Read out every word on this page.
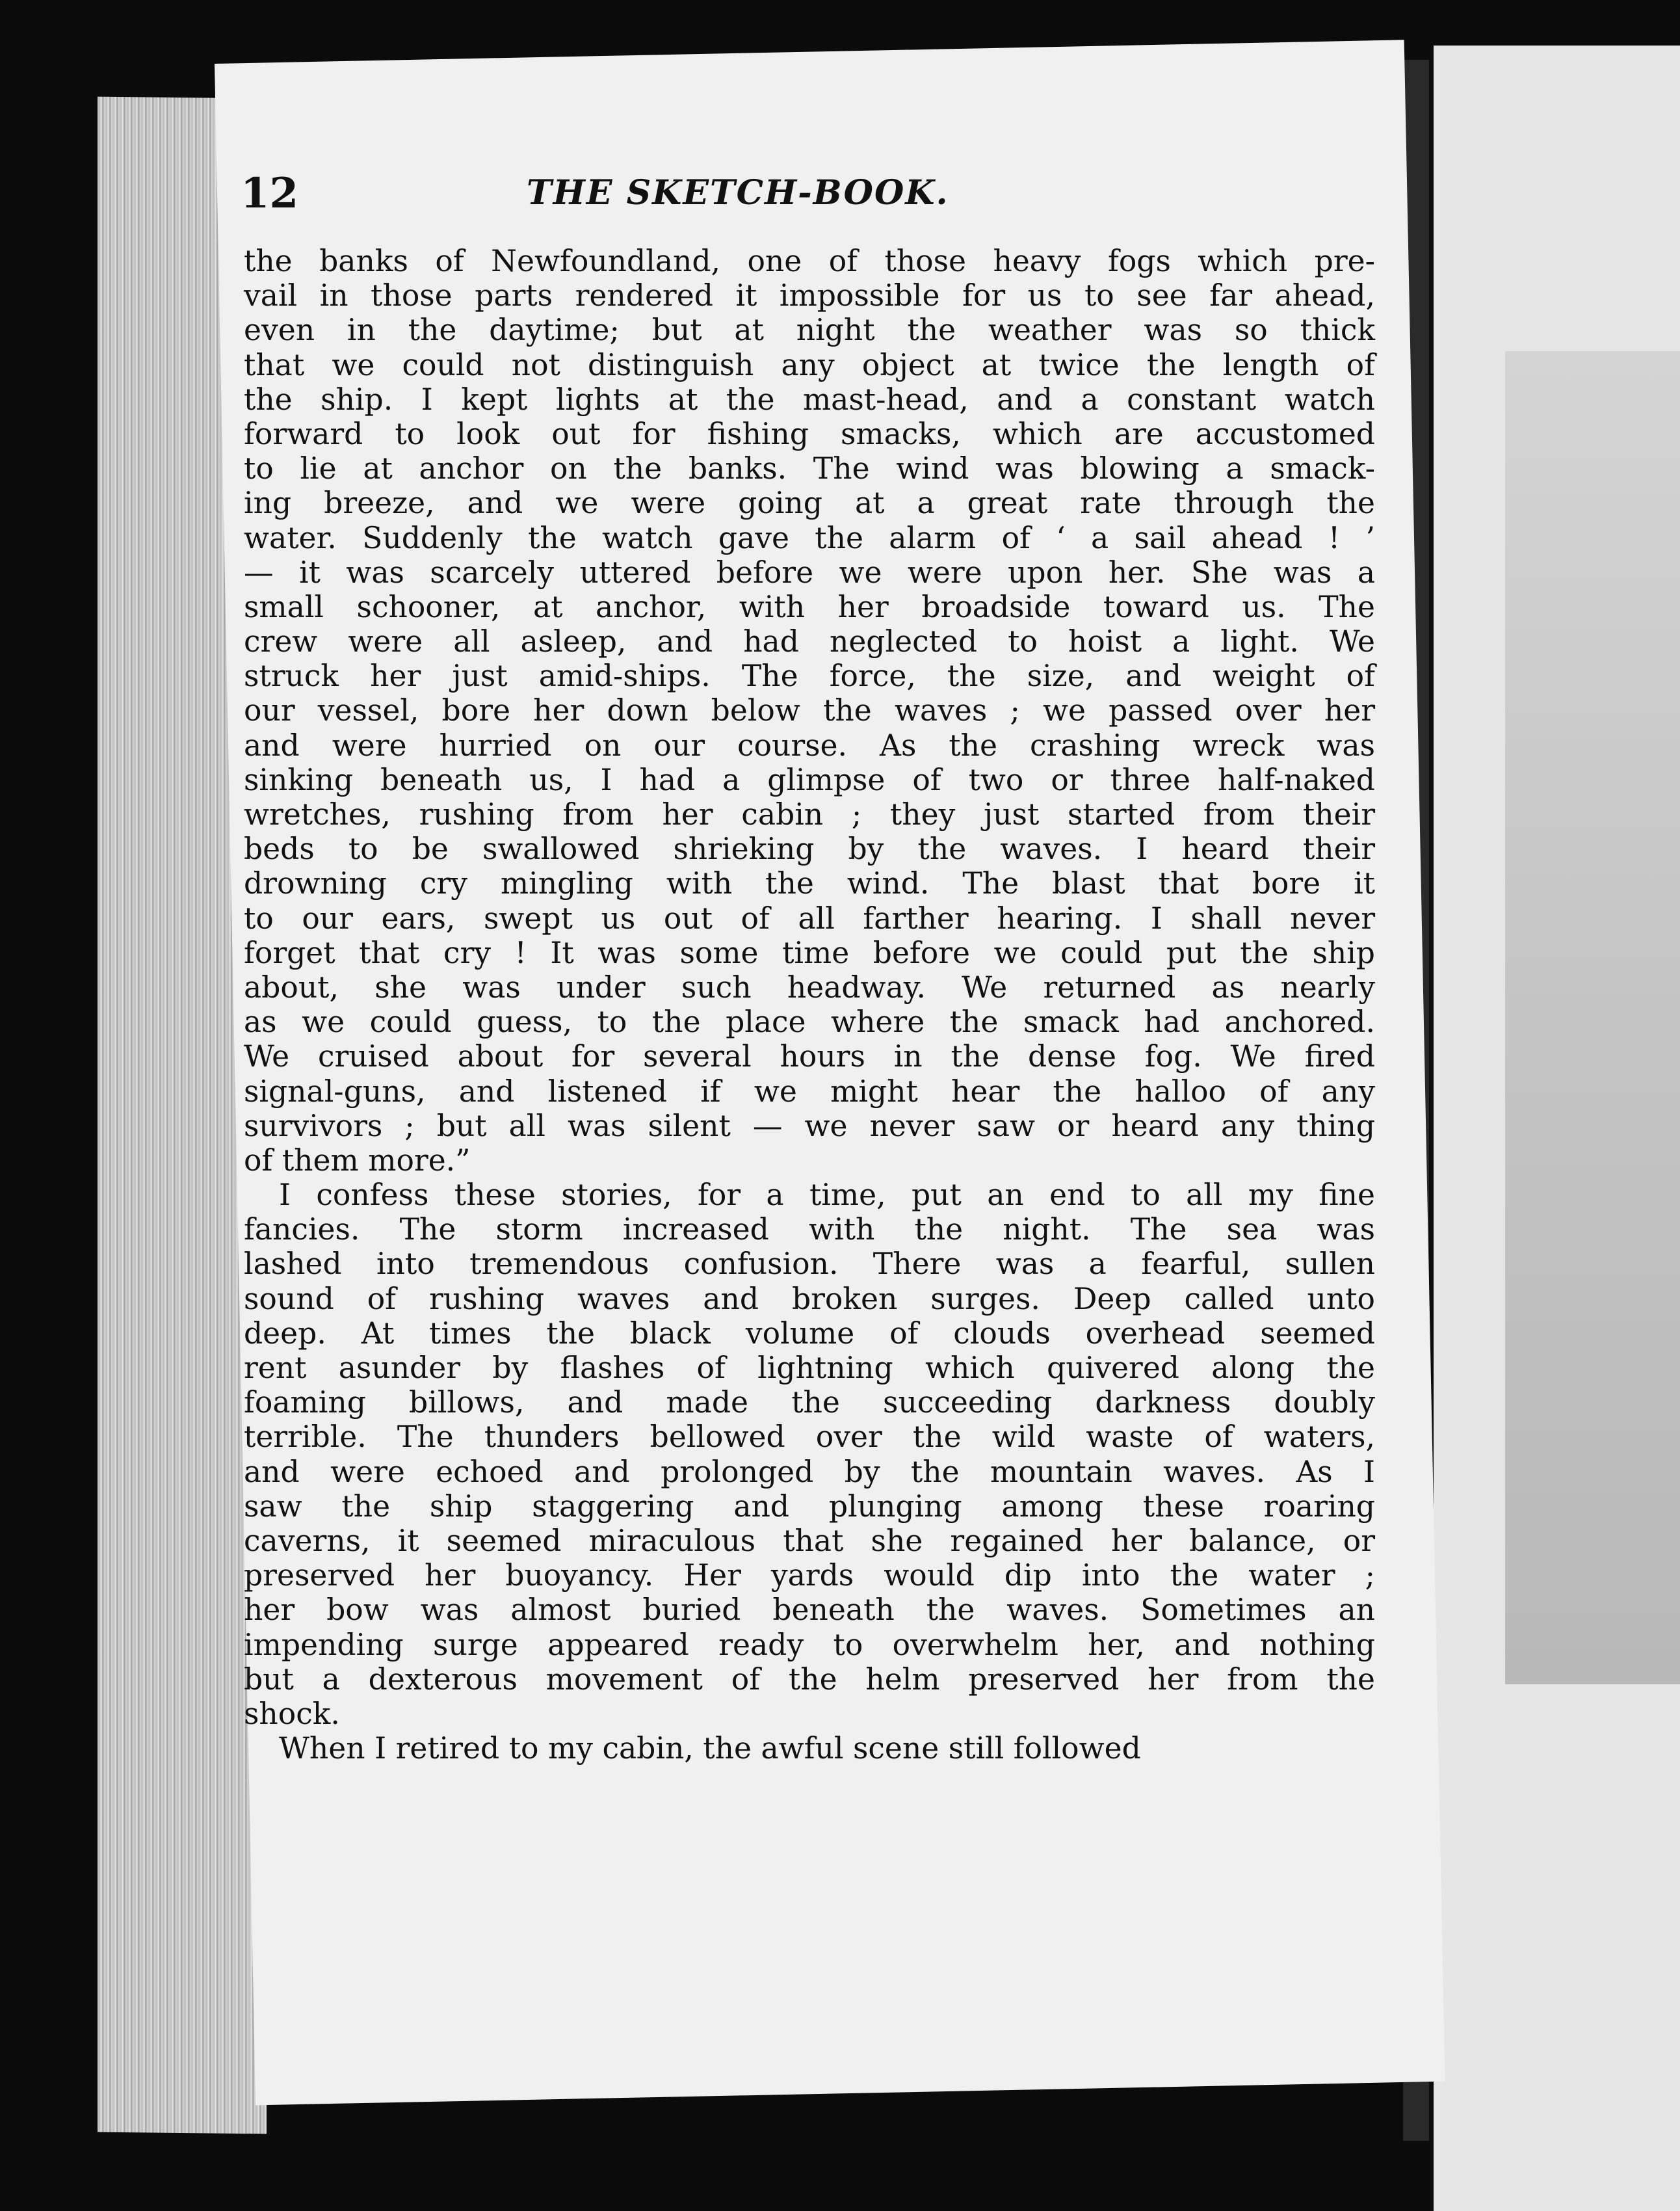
12	THE SKETCH-BOOK.
the banks of Newfoundland, one of those heavy fogs which pre-
vail in those parts rendered it impossible for us to see far ahead,
even in the daytime; but at night the weather was so thick
that we could not distinguish any object at twice the length of
the ship. I kept lights at the mast-head, and a constant watch
forward to look out for fishing smacks, which are accustomed
to lie at anchor on the banks. The wind was blowing a smack-
ing breeze, and we were going at a great rate through the
water. Suddenly the watch gave the alarm of ‘ a sail ahead ! ’
— it was scarcely uttered before we were upon her. She was a
small schooner, at anchor, with her broadside toward us. The
crew were all asleep, and had neglected to hoist a light. We
struck her just amid-ships. The force, the size, and weight of
our vessel, bore her down below the waves ; we passed over her
and were hurried on our course. As the crashing wreck was
sinking beneath us, I had a glimpse of two or three half-naked
wretches, rushing from her cabin ; they just started from their
beds to be swallowed shrieking by the waves. I heard their
drowning cry mingling with the wind. The blast that bore it
to our ears, swept us out of all farther hearing. I shall never
forget that cry ! It was some time before we could put the ship
about, she was under such headway. We returned as nearly
as we could guess, to the place where the smack had anchored.
We cruised about for several hours in the dense fog. We fired
signal-guns, and listened if we might hear the halloo of any
survivors ; but all was silent — we never saw or heard any thing
of them more.”
I confess these stories, for a time, put an end to all my fine
fancies. The storm increased with the night. The sea was
lashed into tremendous confusion. There was a fearful, sullen
sound of rushing waves and broken surges. Deep called unto
deep. At times the black volume of clouds overhead seemed
rent asunder by flashes of lightning which quivered along the
foaming billows, and made the succeeding darkness doubly
terrible. The thunders bellowed over the wild waste of waters,
and were echoed and prolonged by the mountain waves. As I
saw the ship staggering and plunging among these roaring
caverns, it seemed miraculous that she regained her balance, or
preserved her buoyancy. Her yards would dip into the water ;
her bow was almost buried beneath the waves. Sometimes an
impending surge appeared ready to overwhelm her, and nothing
but a dexterous movement of the helm preserved her from the
shock.
When I retired to my cabin, the awful scene still followed
